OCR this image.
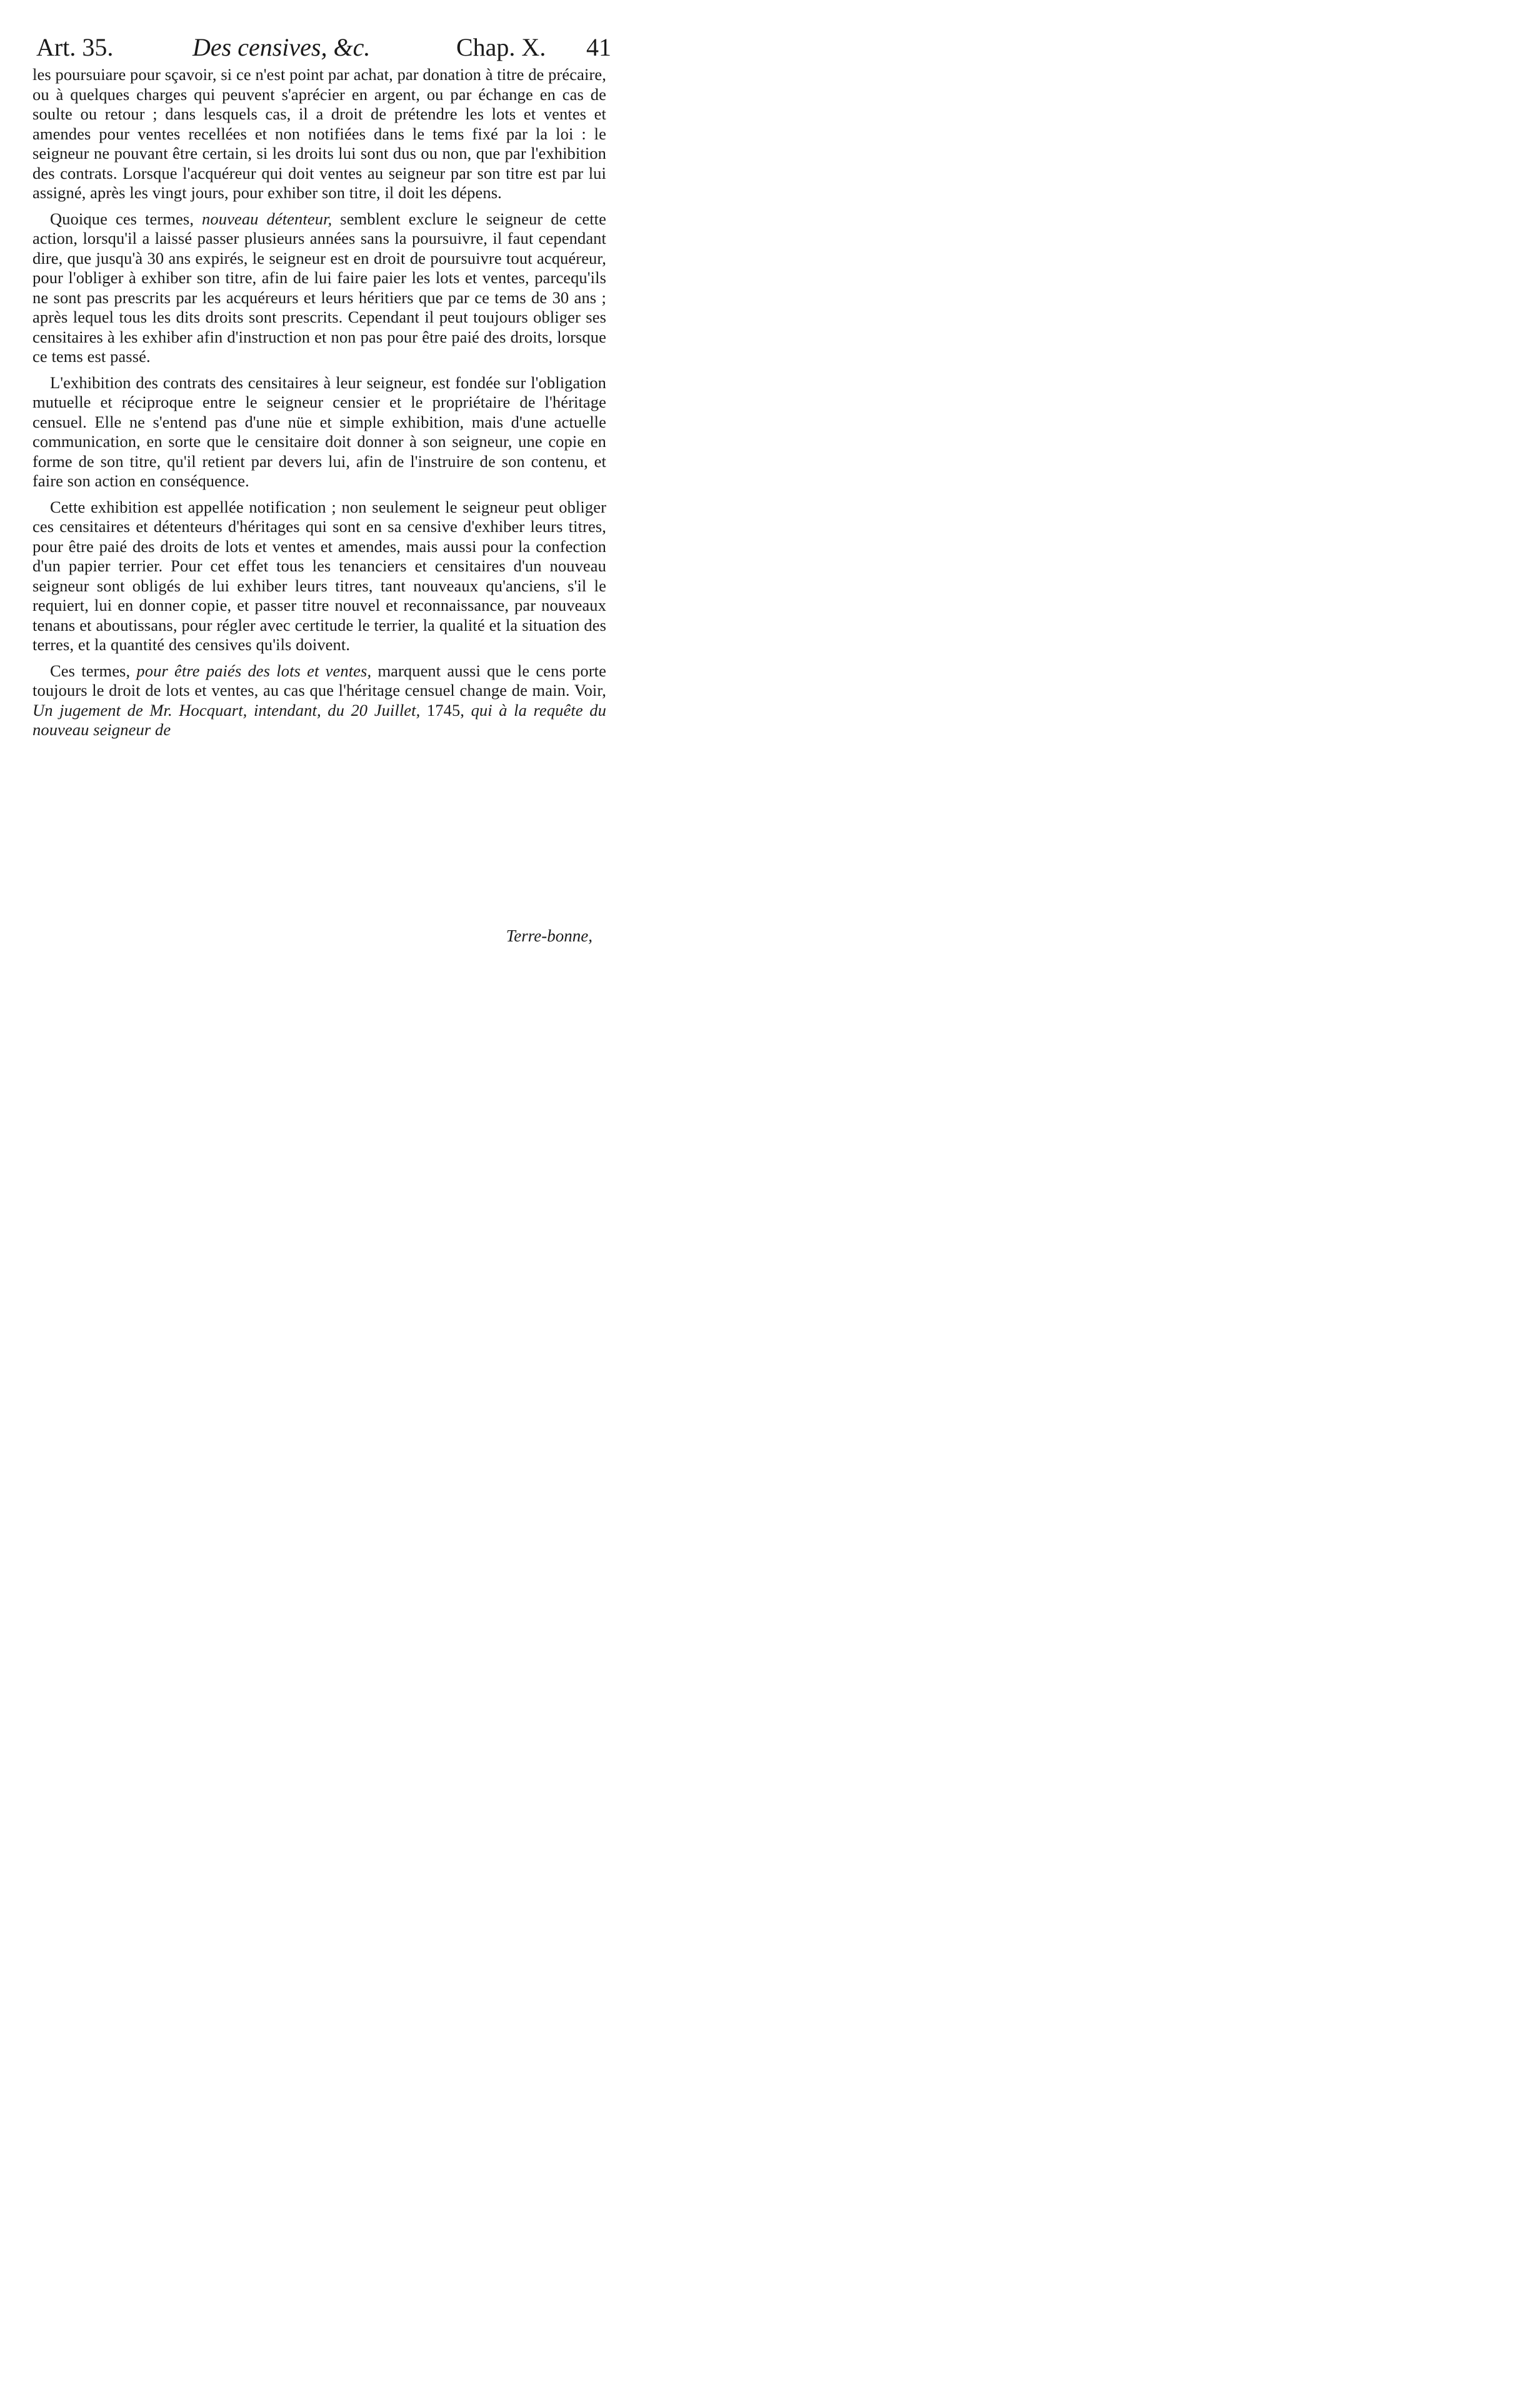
Art. 35.	Des censives, &c.	Chap. X. 41

les poursuiare pour sçavoir, si ce n'est point par achat, par donation à titre de précaire, ou à quelques charges qui peuvent s'aprécier en argent, ou par échange en cas de soulte ou retour ; dans lesquels cas, il a droit de prétendre les lots et ventes et amendes pour ventes recellées et non notifiées dans le tems fixé par la loi : le seigneur ne pouvant être certain, si les droits lui sont dus ou non, que par l'exhibition des contrats. Lorsque l'acquéreur qui doit ventes au seigneur par son titre est par lui assigné, après les vingt jours, pour exhiber son titre, il doit les dépens.

Quoique ces termes, nouveau détenteur, semblent exclure le seigneur de cette action, lorsqu'il a laissé passer plusieurs années sans la poursuivre, il faut cependant dire, que jusqu'à 30 ans expirés, le seigneur est en droit de poursuivre tout acquéreur, pour l'obliger à exhiber son titre, afin de lui faire paier les lots et ventes, parcequ'ils ne sont pas prescrits par les acquéreurs et leurs héritiers que par ce tems de 30 ans ; après lequel tous les dits droits sont prescrits. Cependant il peut toujours obliger ses censitaires à les exhiber afin d'instruction et non pas pour être paié des droits, lorsque ce tems est passé.

L'exhibition des contrats des censitaires à leur seigneur, est fondée sur l'obligation mutuelle et réciproque entre le seigneur censier et le propriétaire de l'héritage censuel. Elle ne s'entend pas d'une nüe et simple exhibition, mais d'une actuelle communication, en sorte que le censitaire doit donner à son seigneur, une copie en forme de son titre, qu'il retient par devers lui, afin de l'instruire de son contenu, et faire son action en conséquence.

Cette exhibition est appellée notification ; non seulement le seigneur peut obliger ces censitaires et détenteurs d'héritages qui sont en sa censive d'exhiber leurs titres, pour être paié des droits de lots et ventes et amendes, mais aussi pour la confection d'un papier terrier. Pour cet effet tous les tenanciers et censitaires d'un nouveau seigneur sont obligés de lui exhiber leurs titres, tant nouveaux qu'anciens, s'il le requiert, lui en donner copie, et passer titre nouvel et reconnaissance, par nouveaux tenans et aboutissans, pour régler avec certitude le terrier, la qualité et la situation des terres, et la quantité des censives qu'ils doivent.

Ces termes, pour être paiés des lots et ventes, marquent aussi que le cens porte toujours le droit de lots et ventes, au cas que l'héritage censuel change de main. Voir, Un jugement de Mr. Hocquart, intendant, du 20 Juillet, 1745, qui à la requête du nouveau seigneur de

Terre-bonne,
